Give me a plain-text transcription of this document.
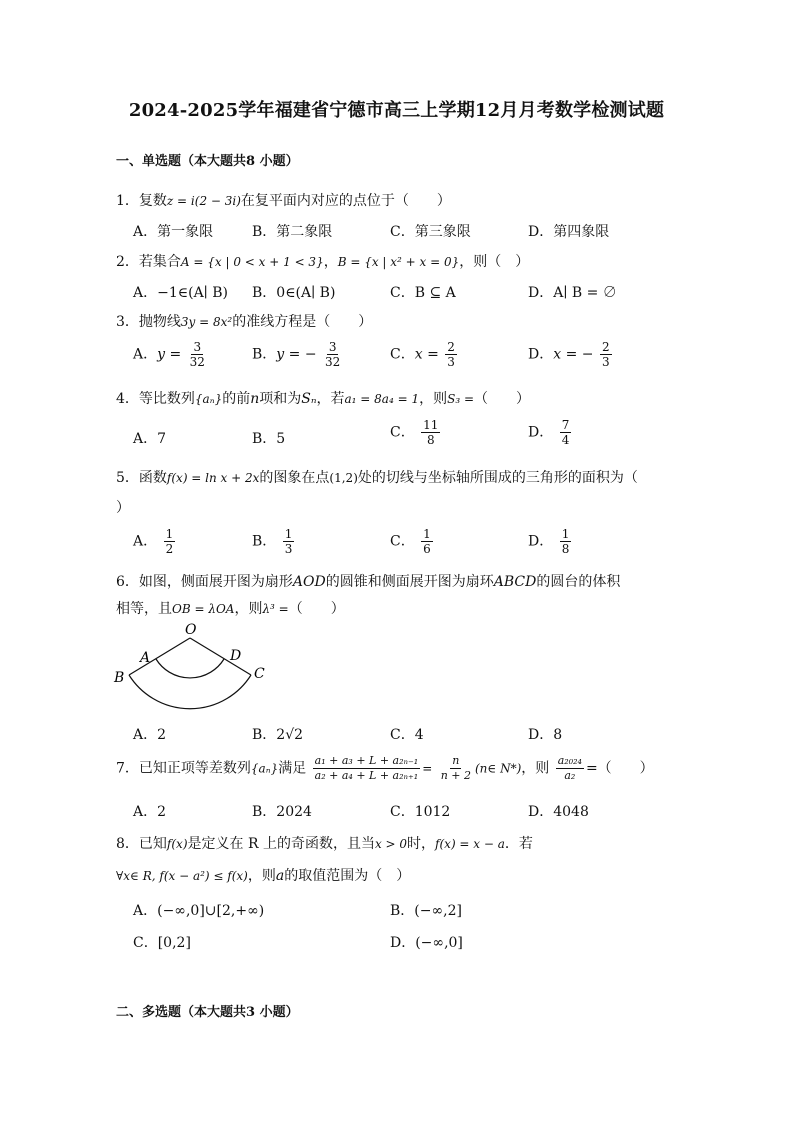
2024-2025学年福建省宁德市高三上学期12月月考数学检测试题
一、单选题（本大题共8 小题）
1．复数z = i(2 − 3i)在复平面内对应的点位于（　　）
A．第一象限	B．第二象限	C．第三象限	D．第四象限
2．若集合A = {x | 0 < x + 1 < 3}，B = {x | x² + x = 0}，则（　）
A．−1∈(A∣ B) B．0∈(A∣ B)	C．B ⊆ A	D．A∣ B = ∅
3．抛物线3y = 8x²的准线方程是（　　）
A．$y = \frac{3}{32}$	B．y = − $\frac{3}{32}$	C．$x = \frac{2}{3}$	D．x = − $\frac{2}{3}$
4．等比数列{aₙ}的前n项和为Sₙ，若a₁ = 8a₄ = 1，则S₃ =（　　）
A．7	B．5	C． $\frac{11}{8}$	D． $\frac{7}{4}$
5．函数f(x) = ln x + 2x的图象在点(1,2)处的切线与坐标轴所围成的三角形的面积为（
）
A． $\frac{1}{2}$	B． $\frac{1}{3}$	C． $\frac{1}{6}$	D． $\frac{1}{8}$
6．如图，侧面展开图为扇形AOD的圆锥和侧面展开图为扇环ABCD的圆台的体积
相等，且OB = λOA，则λ³ =（　　）
O
A
B	C
D
A．2	B．2√2	C．4	D．8
7．已知正项等差数列{aₙ}满足 $\frac{\text{a₁ + a₃ + L + a₂ₙ₋₁}}{\text{a₂ + a₄ + L + a₂ₙ₊₁}} = \frac{n}{n + 2}$ (n∈ N*)，则 $\frac{\text{a₂₀₂₄}}{\text{a₂}}$ =（　　）
A．2	B．2024	C．1012	D．4048
8．已知f(x)是定义在 R 上的奇函数，且当x > 0时，f(x) = x − a．若
∀x∈ R, f(x − a²) ≤ f(x)，则a的取值范围为（　）
A．(−∞,0]∪[2,+∞)	B．(−∞,2]
C．[0,2]	D．(−∞,0]
二、多选题（本大题共3 小题）
